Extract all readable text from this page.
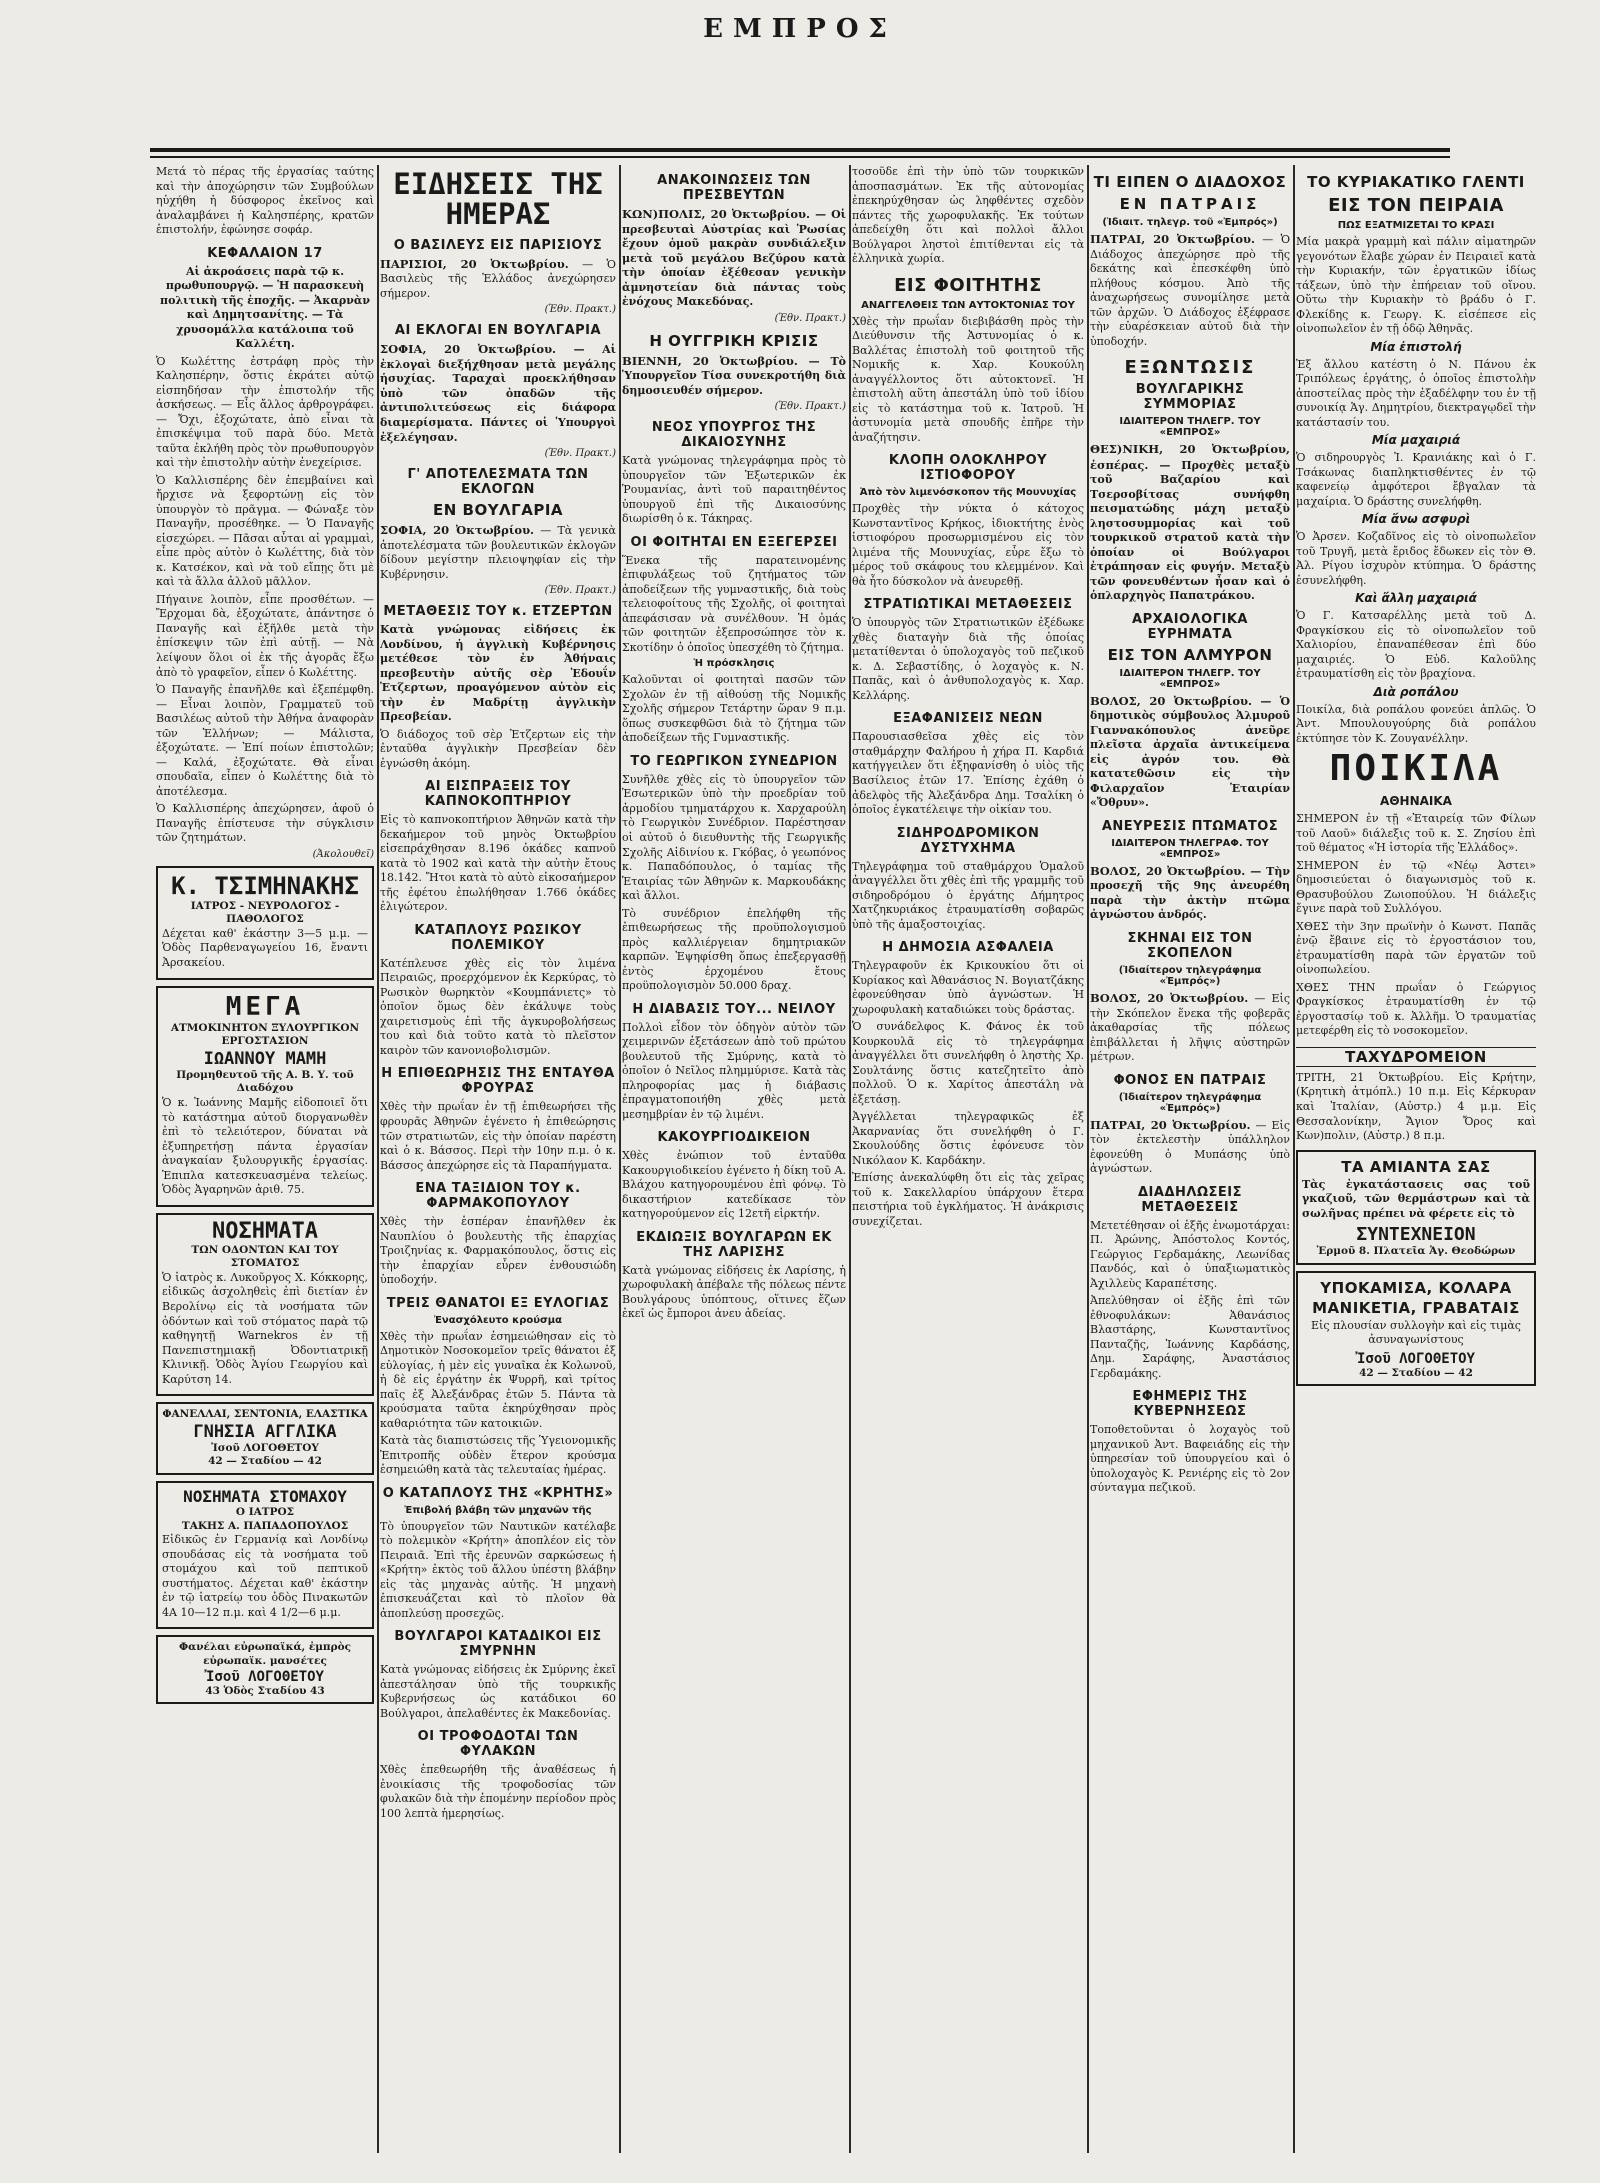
ΕΜΠΡΟΣ

Μετά τὸ πέρας τῆς ἐργασίας ταύτης καὶ τὴν ἀποχώρησιν τῶν Συμβούλων ηὐχήθη ἡ δύσφορος ἐκεῖνος καὶ ἀναλαμβάνει ἡ Καλησπέρης, κρατῶν ἐπιστολήν, ἐφώνησε σοφάρ.

ΚΕΦΑΛΑΙΟΝ 17

Αἱ ἀκροάσεις παρὰ τῷ κ. πρωθυπουργῷ. — Ἡ παρασκευὴ πολιτικὴ τῆς ἐποχῆς. — Ἀκαρνὰν καὶ Δημητσανίτης. — Τὰ χρυσομάλλα κατάλοιπα τοῦ Καλλέτη.

Ὁ Κωλέττης ἐστράφη πρὸς τὴν Καλησπέρην, ὅστις ἐκράτει αὐτῷ εἰσπηδήσαν τὴν ἐπιστολήν τῆς ἀσκήσεως. — Εἶς ἄλλος ἀρθρογράφει. — Ὄχι, ἐξοχώτατε, ἀπὸ εἶναι τὰ ἐπισκέψιμα τοῦ παρὰ δύο. Μετὰ ταῦτα ἐκλήθη πρὸς τὸν πρωθυπουργὸν καὶ τὴν ἐπιστολὴν αὐτὴν ἐνεχείρισε.

Ὁ Καλλισπέρης δὲν ἐπεμβαίνει καὶ ἤρχισε νὰ ξεφορτώνῃ εἰς τὸν ὑπουργὸν τὸ πρᾶγμα. — Φώναξε τὸν Παναγῆν, προσέθηκε. — Ὁ Παναγῆς εἰσεχώρει. — Πᾶσαι αὗται αἱ γραμμαὶ, εἶπε πρὸς αὐτὸν ὁ Κωλέττης, διὰ τὸν κ. Κατσέκον, καὶ νὰ τοῦ εἴπῃς ὅτι μὲ καὶ τὰ ἄλλα ἀλλοῦ μᾶλλον.

Πήγαινε λοιπὸν, εἶπε προσθέτων. — Ἔρχομαι δὰ, ἐξοχώτατε, ἀπάντησε ὁ Παναγῆς καὶ ἐξῆλθε μετὰ τὴν ἐπίσκεψιν τῶν ἐπὶ αὐτῇ. — Νὰ λείψουν ὅλοι οἱ ἐκ τῆς ἀγορᾶς ἔξω ἀπὸ τὸ γραφεῖον, εἶπεν ὁ Κωλέττης.

Ὁ Παναγῆς ἐπανῆλθε καὶ ἐξεπέμφθη. — Εἶναι λοιπὸν, Γραμματεῦ τοῦ Βασιλέως αὐτοῦ τὴν Ἀθήνα ἀναφορὰν τῶν Ἑλλήνων; — Μάλιστα, ἐξοχώτατε. — Ἐπί ποίων ἐπιστολῶν; — Καλά, ἐξοχώτατε. Θὰ εἶναι σπουδαῖα, εἶπεν ὁ Κωλέττης διὰ τὸ ἀποτέλεσμα.

Ὁ Καλλισπέρης ἀπεχώρησεν, ἀφοῦ ὁ Παναγῆς ἐπίστευσε τὴν σύγκλισιν τῶν ζητημάτων.

(Ἀκολουθεῖ)
Κ. ΤΣΙΜΗΝΑΚΗΣ
ΙΑΤΡΟΣ - ΝΕΥΡΟΛΟΓΟΣ - ΠΑΘΟΛΟΓΟΣ

Δέχεται καθ' ἑκάστην 3—5 μ.μ. — Ὁδὸς Παρθεναγωγείου 16, ἔναντι Ἀρσακείου.

ΜΕΓΑ
ΑΤΜΟΚΙΝΗΤΟΝ ΞΥΛΟΥΡΓΙΚΟΝ ΕΡΓΟΣΤΑΣΙΟΝ
ΙΩΑΝΝΟΥ ΜΑΜΗ
Προμηθευτοῦ τῆς Α. Β. Υ. τοῦ Διαδόχου

Ὁ κ. Ἰωάννης Μαμῆς εἰδοποιεῖ ὅτι τὸ κατάστημα αὐτοῦ διοργανωθὲν ἐπὶ τὸ τελειότερον, δύναται νὰ ἐξυπηρετήσῃ πάντα ἐργασίαν ἀναγκαίαν ξυλουργικῆς ἐργασίας. Ἐπιπλα κατεσκευασμένα τελείως. Ὁδὸς Ἀγαρηνῶν ἀριθ. 75.

ΝΟΣΗΜΑΤΑ
ΤΩΝ ΟΔΟΝΤΩΝ ΚΑΙ ΤΟΥ ΣΤΟΜΑΤΟΣ

Ὁ ἰατρὸς κ. Λυκοῦργος Χ. Κόκκορης, εἰδικῶς ἀσχοληθεὶς ἐπὶ διετίαν ἐν Βερολίνῳ εἰς τὰ νοσήματα τῶν ὀδόντων καὶ τοῦ στόματος παρὰ τῷ καθηγητῇ Warnekros ἐν τῇ Πανεπιστημιακῇ Ὀδοντιατρικῇ Κλινικῇ. Ὁδὸς Ἁγίου Γεωργίου καὶ Καρύτση 14.

ΦΑΝΕΛΛΑΙ, ΣΕΝΤΟΝΙΑ, ΕΛΑΣΤΙΚΑ
ΓΝΗΣΙΑ ΑΓΓΛΙΚΑ
Ἰσοῦ ΛΟΓΟΘΕΤΟΥ
42 — Σταδίου — 42
ΝΟΣΗΜΑΤΑ ΣΤΟΜΑΧΟΥ
Ο ΙΑΤΡΟΣ
ΤΑΚΗΣ Α. ΠΑΠΑΔΟΠΟΥΛΟΣ

Εἰδικῶς ἐν Γερμανίᾳ καὶ Λονδίνῳ σπουδάσας εἰς τὰ νοσήματα τοῦ στομάχου καὶ τοῦ πεπτικοῦ συστήματος. Δέχεται καθ' ἑκάστην ἐν τῷ ἰατρείῳ του ὁδὸς Πινακωτῶν 4Α 10—12 π.μ. καὶ 4 1/2—6 μ.μ.

Φανέλαι εὐρωπαϊκά, ἐμπρὸς εὐρωπαϊκ. μανσέτες
Ἰσοῦ ΛΟΓΟΘΕΤΟΥ
43 Ὁδὸς Σταδίου 43
ΕΙΔΗΣΕΙΣ ΤΗΣ ΗΜΕΡΑΣ
Ο ΒΑΣΙΛΕΥΣ ΕΙΣ ΠΑΡΙΣΙΟΥΣ

ΠΑΡΙΣΙΟΙ, 20 Ὀκτωβρίου. — Ὁ Βασιλεὺς τῆς Ἑλλάδος ἀνεχώρησεν σήμερον.

(Ἐθν. Πρακτ.)
ΑΙ ΕΚΛΟΓΑΙ ΕΝ ΒΟΥΛΓΑΡΙΑ

ΣΟΦΙΑ, 20 Ὀκτωβρίου. — Αἱ ἐκλογαὶ διεξήχθησαν μετὰ μεγάλης ἡσυχίας. Ταραχαὶ προεκλήθησαν ὑπὸ τῶν ὀπαδῶν τῆς ἀντιπολιτεύσεως εἰς διάφορα διαμερίσματα. Πάντες οἱ Ὑπουργοὶ ἐξελέγησαν.

(Ἐθν. Πρακτ.)
Γ' ΑΠΟΤΕΛΕΣΜΑΤΑ ΤΩΝ ΕΚΛΟΓΩΝ
ΕΝ ΒΟΥΛΓΑΡΙΑ

ΣΟΦΙΑ, 20 Ὀκτωβρίου. — Τὰ γενικὰ ἀποτελέσματα τῶν βουλευτικῶν ἐκλογῶν δίδουν μεγίστην πλειοψηφίαν εἰς τὴν Κυβέρνησιν.

(Ἐθν. Πρακτ.)
ΜΕΤΑΘΕΣΙΣ ΤΟΥ κ. ΕΤΖΕΡΤΩΝ

Κατὰ γνώμονας εἰδήσεις ἐκ Λονδίνου, ἡ ἀγγλικὴ Κυβέρνησις μετέθεσε τὸν ἐν Ἀθήναις πρεσβευτὴν αὐτῆς σὲρ Ἐδουΐν Ἐτζερτων, προαγόμενον αὐτὸν εἰς τὴν ἐν Μαδρίτῃ ἀγγλικὴν Πρεσβείαν.

Ὁ διάδοχος τοῦ σὲρ Ἐτζερτων εἰς τὴν ἐνταῦθα ἀγγλικὴν Πρεσβείαν δὲν ἐγνώσθη ἀκόμη.

ΑΙ ΕΙΣΠΡΑΞΕΙΣ ΤΟΥ ΚΑΠΝΟΚΟΠΤΗΡΙΟΥ

Εἰς τὸ καπνοκοπτήριον Ἀθηνῶν κατὰ τὴν δεκαήμερον τοῦ μηνὸς Ὀκτωβρίου εἰσεπράχθησαν 8.196 ὀκάδες καπνοῦ κατὰ τὸ 1902 καὶ κατὰ τὴν αὐτὴν ἔτους 18.142. Ἤτοι κατὰ τὸ αὐτὸ εἰκοσαήμερον τῆς ἐφέτου ἐπωλήθησαν 1.766 ὀκάδες ἐλιγώτερον.

ΚΑΤΑΠΛΟΥΣ ΡΩΣΙΚΟΥ ΠΟΛΕΜΙΚΟΥ

Κατέπλευσε χθὲς εἰς τὸν λιμένα Πειραιῶς, προερχόμενον ἐκ Κερκύρας, τὸ Ρωσικὸν θωρηκτὸν «Κουμπάνιετς» τὸ ὁποῖον ὅμως δὲν ἐκάλυψε τοὺς χαιρετισμοὺς ἐπὶ τῆς ἀγκυροβολήσεως του καὶ διὰ τοῦτο κατὰ τὸ πλεῖστον καιρὸν τῶν κανονιοβολισμῶν.

Η ΕΠΙΘΕΩΡΗΣΙΣ ΤΗΣ ΕΝΤΑΥΘΑ ΦΡΟΥΡΑΣ

Χθὲς τὴν πρωΐαν ἐν τῇ ἐπιθεωρήσει τῆς φρουρᾶς Ἀθηνῶν ἐγένετο ἡ ἐπιθεώρησις τῶν στρατιωτῶν, εἰς τὴν ὁποίαν παρέστη καὶ ὁ κ. Βάσσος. Περὶ τὴν 10ην π.μ. ὁ κ. Βάσσος ἀπεχώρησε εἰς τὰ Παραπήγματα.

ΕΝΑ ΤΑΞΙΔΙΟΝ ΤΟΥ κ. ΦΑΡΜΑΚΟΠΟΥΛΟΥ

Χθὲς τὴν ἑσπέραν ἐπανῆλθεν ἐκ Ναυπλίου ὁ βουλευτὴς τῆς ἐπαρχίας Τροιζηνίας κ. Φαρμακόπουλος, ὅστις εἰς τὴν ἐπαρχίαν εὗρεν ἐνθουσιώδη ὑποδοχήν.

ΤΡΕΙΣ ΘΑΝΑΤΟΙ ΕΞ ΕΥΛΟΓΙΑΣ
Ἐνασχόλευτο κρούσμα

Χθὲς τὴν πρωΐαν ἐσημειώθησαν εἰς τὸ Δημοτικὸν Νοσοκομεῖον τρεῖς θάνατοι ἐξ εὐλογίας, ἡ μὲν εἰς γυναῖκα ἐκ Κολωνοῦ, ἡ δὲ εἰς ἐργάτην ἐκ Ψυρρῆ, καὶ τρίτος παῖς ἐξ Ἀλεξάνδρας ἐτῶν 5. Πάντα τὰ κρούσματα ταῦτα ἐκηρύχθησαν πρὸς καθαριότητα τῶν κατοικιῶν.

Κατὰ τὰς διαπιστώσεις τῆς Ὑγειονομικῆς Ἐπιτροπῆς οὐδὲν ἕτερον κρούσμα ἐσημειώθη κατὰ τὰς τελευταίας ἡμέρας.

Ο ΚΑΤΑΠΛΟΥΣ ΤΗΣ «ΚΡΗΤΗΣ»
Ἐπιβολή βλάβη τῶν μηχανῶν τῆς

Τὸ ὑπουργεῖον τῶν Ναυτικῶν κατέλαβε τὸ πολεμικὸν «Κρήτη» ἀποπλέον εἰς τὸν Πειραιᾶ. Ἐπὶ τῆς ἐρευνῶν σαρκώσεως ἡ «Κρήτη» ἐκτὸς τοῦ ἄλλου ὑπέστη βλάβην εἰς τὰς μηχανὰς αὐτῆς. Ἡ μηχανὴ ἐπισκευάζεται καὶ τὸ πλοῖον θὰ ἀποπλεύσῃ προσεχῶς.

ΒΟΥΛΓΑΡΟΙ ΚΑΤΑΔΙΚΟΙ ΕΙΣ ΣΜΥΡΝΗΝ

Κατὰ γνώμονας εἰδήσεις ἐκ Σμύρνης ἐκεῖ ἀπεστάλησαν ὑπὸ τῆς τουρκικῆς Κυβερνήσεως ὡς κατάδικοι 60 Βούλγαροι, ἀπελαθέντες ἐκ Μακεδονίας.

ΟΙ ΤΡΟΦΟΔΟΤΑΙ ΤΩΝ ΦΥΛΑΚΩΝ

Χθὲς ἐπεθεωρήθη τῆς ἀναθέσεως ἡ ἐνοικίασις τῆς τροφοδοσίας τῶν φυλακῶν διὰ τὴν ἑπομένην περίοδον πρὸς 100 λεπτὰ ἡμερησίως.

ΑΝΑΚΟΙΝΩΣΕΙΣ ΤΩΝ ΠΡΕΣΒΕΥΤΩΝ

ΚΩΝ)ΠΟΛΙΣ, 20 Ὀκτωβρίου. — Οἱ πρεσβευταὶ Αὐστρίας καὶ Ῥωσίας ἔχουν ὁμοῦ μακρὰν συνδιάλεξιν μετὰ τοῦ μεγάλου Βεζύρου κατὰ τὴν ὁποίαν ἐξέθεσαν γενικὴν ἀμνηστείαν διὰ πάντας τοὺς ἐνόχους Μακεδόνας.

(Ἐθν. Πρακτ.)
Η ΟΥΓΓΡΙΚΗ ΚΡΙΣΙΣ

ΒΙΕΝΝΗ, 20 Ὀκτωβρίου. — Τὸ Ὑπουργεῖον Τίσα συνεκροτήθη διὰ δημοσιευθέν σήμερον.

(Ἐθν. Πρακτ.)
ΝΕΟΣ ΥΠΟΥΡΓΟΣ ΤΗΣ ΔΙΚΑΙΟΣΥΝΗΣ

Κατὰ γνώμονας τηλεγράφημα πρὸς τὸ ὑπουργεῖον τῶν Ἐξωτερικῶν ἐκ Ῥουμανίας, ἀντὶ τοῦ παραιτηθέντος ὑπουργοῦ ἐπὶ τῆς Δικαιοσύνης διωρίσθη ὁ κ. Τάκηρας.

ΟΙ ΦΟΙΤΗΤΑΙ ΕΝ ΕΞΕΓΕΡΣΕΙ

Ἕνεκα τῆς παρατεινομένης ἐπιφυλάξεως τοῦ ζητήματος τῶν ἀποδείξεων τῆς γυμναστικῆς, διὰ τοὺς τελειοφοίτους τῆς Σχολῆς, οἱ φοιτηταὶ ἀπεφάσισαν νὰ συνέλθουν. Ἡ ὁμάς τῶν φοιτητῶν ἐξεπροσώπησε τὸν κ. Σκοτίδην ὁ ὁποῖος ὑπεσχέθη τὸ ζήτημα.

Ἡ πρόσκλησις

Καλοῦνται οἱ φοιτηταὶ πασῶν τῶν Σχολῶν ἐν τῇ αἰθούσῃ τῆς Νομικῆς Σχολῆς σήμερον Τετάρτην ὥραν 9 π.μ. ὅπως συσκεφθῶσι διὰ τὸ ζήτημα τῶν ἀποδείξεων τῆς Γυμναστικῆς.

ΤΟ ΓΕΩΡΓΙΚΟΝ ΣΥΝΕΔΡΙΟΝ

Συνῆλθε χθὲς εἰς τὸ ὑπουργεῖον τῶν Ἐσωτερικῶν ὑπὸ τὴν προεδρίαν τοῦ ἁρμοδίου τμηματάρχου κ. Χαρχαρούλη τὸ Γεωργικὸν Συνέδριον. Παρέστησαν οἱ αὐτοῦ ὁ διευθυντὴς τῆς Γεωργικῆς Σχολῆς Αἰδινίου κ. Γκόβας, ὁ γεωπόνος κ. Παπαδόπουλος, ὁ ταμίας τῆς Ἑταιρίας τῶν Ἀθηνῶν κ. Μαρκουδάκης καὶ ἄλλοι.

Τὸ συνέδριον ἐπελήφθη τῆς ἐπιθεωρήσεως τῆς προϋπολογισμοῦ πρὸς καλλιέργειαν δημητριακῶν καρπῶν. Ἐψηφίσθη ὅπως ἐπεξεργασθῇ ἐντὸς ἐρχομένου ἔτους προϋπολογισμὸν 50.000 δραχ.

Η ΔΙΑΒΑΣΙΣ ΤΟΥ... ΝΕΙΛΟΥ

Πολλοὶ εἶδον τὸν ὁδηγὸν αὐτὸν τῶν χειμερινῶν ἐξετάσεων ἀπὸ τοῦ πρώτου βουλευτοῦ τῆς Σμύρνης, κατὰ τὸ ὁποῖον ὁ Νεῖλος πλημμύρισε. Κατὰ τὰς πληροφορίας μας ἡ διάβασις ἐπραγματοποιήθη χθὲς μετὰ μεσημβρίαν ἐν τῷ λιμένι.

ΚΑΚΟΥΡΓΙΟΔΙΚΕΙΟΝ

Χθὲς ἐνώπιον τοῦ ἐνταῦθα Κακουργιοδικείου ἐγένετο ἡ δίκη τοῦ Α. Βλάχου κατηγορουμένου ἐπὶ φόνῳ. Τὸ δικαστήριον κατεδίκασε τὸν κατηγορούμενον εἰς 12ετῆ εἰρκτήν.

ΕΚΔΙΩΞΙΣ ΒΟΥΛΓΑΡΩΝ ΕΚ ΤΗΣ ΛΑΡΙΣΗΣ

Κατὰ γνώμονας εἰδήσεις ἐκ Λαρίσης, ἡ χωροφυλακὴ ἀπέβαλε τῆς πόλεως πέντε Βουλγάρους ὑπόπτους, οἵτινες ἔζων ἐκεῖ ὡς ἔμποροι ἀνευ ἀδείας.

τοσοῦδε ἐπὶ τὴν ὑπὸ τῶν τουρκικῶν ἀποσπασμάτων. Ἐκ τῆς αὐτονομίας ἐπεκηρύχθησαν ὡς ληφθέντες σχεδὸν πάντες τῆς χωροφυλακῆς. Ἐκ τούτων ἀπεδείχθη ὅτι καὶ πολλοὶ ἄλλοι Βούλγαροι ληστοὶ ἐπιτίθενται εἰς τὰ ἑλληνικὰ χωρία.

ΕΙΣ ΦΟΙΤΗΤΗΣ
ΑΝΑΓΓΕΛΘΕΙΣ ΤΩΝ ΑΥΤΟΚΤΟΝΙΑΣ ΤΟΥ

Χθὲς τὴν πρωΐαν διεβιβάσθη πρὸς τὴν Διεύθυνσιν τῆς Ἀστυνομίας ὁ κ. Βαλλέτας ἐπιστολὴ τοῦ φοιτητοῦ τῆς Νομικῆς κ. Χαρ. Κουκούλη ἀναγγέλλοντος ὅτι αὐτοκτονεῖ. Ἡ ἐπιστολὴ αὕτη ἀπεστάλη ὑπὸ τοῦ ἰδίου εἰς τὸ κατάστημα τοῦ κ. Ἰατροῦ. Ἡ ἀστυνομία μετὰ σπουδῆς ἐπῆρε τὴν ἀναζήτησιν.

ΚΛΟΠΗ ΟΛΟΚΛΗΡΟΥ ΙΣΤΙΟΦΟΡΟΥ
Ἀπὸ τὸν λιμενόσκοπον τῆς Μουνυχίας

Προχθὲς τὴν νύκτα ὁ κάτοχος Κωνσταντῖνος Κρήκος, ἰδιοκτήτης ἑνὸς ἱστιοφόρου προσωρμισμένου εἰς τὸν λιμένα τῆς Μουνυχίας, εὗρε ἔξω τὸ μέρος τοῦ σκάφους του κλεμμένον. Καὶ θὰ ἦτο δύσκολον νὰ ἀνευρεθῇ.

ΣΤΡΑΤΙΩΤΙΚΑΙ ΜΕΤΑΘΕΣΕΙΣ

Ὁ ὑπουργὸς τῶν Στρατιωτικῶν ἐξέδωκε χθὲς διαταγὴν διὰ τῆς ὁποίας μετατίθενται ὁ ὑπολοχαγὸς τοῦ πεζικοῦ κ. Δ. Σεβαστίδης, ὁ λοχαγὸς κ. Ν. Παπᾶς, καὶ ὁ ἀνθυπολοχαγὸς κ. Χαρ. Κελλάρης.

ΕΞΑΦΑΝΙΣΕΙΣ ΝΕΩΝ

Παρουσιασθεῖσα χθὲς εἰς τὸν σταθμάρχην Φαλήρου ἡ χήρα Π. Καρδιά κατήγγειλεν ὅτι ἐξηφανίσθη ὁ υἱὸς τῆς Βασίλειος ἐτῶν 17. Ἐπίσης ἐχάθη ὁ ἀδελφὸς τῆς Ἀλεξάνδρα Δημ. Τσαλίκη ὁ ὁποῖος ἐγκατέλειψε τὴν οἰκίαν του.

ΣΙΔΗΡΟΔΡΟΜΙΚΟΝ ΔΥΣΤΥΧΗΜΑ

Τηλεγράφημα τοῦ σταθμάρχου Ὁμαλοῦ ἀναγγέλλει ὅτι χθὲς ἐπὶ τῆς γραμμῆς τοῦ σιδηροδρόμου ὁ ἐργάτης Δήμητρος Χατζηκυριάκος ἐτραυματίσθη σοβαρῶς ὑπὸ τῆς ἁμαξοστοιχίας.

Η ΔΗΜΟΣΙΑ ΑΣΦΑΛΕΙΑ

Τηλεγραφοῦν ἐκ Κρικουκίου ὅτι οἱ Κυρίακος καὶ Ἀθανάσιος Ν. Βογιατζάκης ἐφονεύθησαν ὑπὸ ἀγνώστων. Ἡ χωροφυλακὴ καταδιώκει τοὺς δράστας.

Ὁ συνάδελφος Κ. Φάνος ἐκ τοῦ Κουρκουλᾶ εἰς τὸ τηλεγράφημα ἀναγγέλλει ὅτι συνελήφθη ὁ ληστὴς Χρ. Σουλτάνης ὅστις κατεζητεῖτο ἀπὸ πολλοῦ. Ὁ κ. Χαρίτος ἀπεστάλη νὰ ἐξετάσῃ.

Ἀγγέλλεται τηλεγραφικῶς ἐξ Ἀκαρνανίας ὅτι συνελήφθη ὁ Γ. Σκουλούδης ὅστις ἐφόνευσε τὸν Νικόλαον Κ. Καρδάκην.

Ἐπίσης ἀνεκαλύφθη ὅτι εἰς τὰς χεῖρας τοῦ κ. Σακελλαρίου ὑπάρχουν ἕτερα πειστήρια τοῦ ἐγκλήματος. Ἡ ἀνάκρισις συνεχίζεται.

ΤΙ ΕΙΠΕΝ Ο ΔΙΑΔΟΧΟΣ
ΕΝ ΠΑΤΡΑΙΣ
(Ἰδιαιτ. τηλεγρ. τοῦ «Ἐμπρός»)

ΠΑΤΡΑΙ, 20 Ὀκτωβρίου. — Ὁ Διάδοχος ἀπεχώρησε πρὸ τῆς δεκάτης καὶ ἐπεσκέφθη ὑπὸ πλήθους κόσμου. Ἀπὸ τῆς ἀναχωρήσεως συνομίλησε μετὰ τῶν ἀρχῶν. Ὁ Διάδοχος ἐξέφρασε τὴν εὐαρέσκειαν αὐτοῦ διὰ τὴν ὑποδοχήν.

ΕΞΩΝΤΩΣΙΣ
ΒΟΥΛΓΑΡΙΚΗΣ ΣΥΜΜΟΡΙΑΣ
ΙΔΙΑΙΤΕΡΟΝ ΤΗΛΕΓΡ. ΤΟΥ «ΕΜΠΡΟΣ»

ΘΕΣ)ΝΙΚΗ, 20 Ὀκτωβρίου, ἑσπέρας. — Προχθὲς μεταξὺ τοῦ Βαζαρίου καὶ Τσερσοβίτσας συνήφθη πεισματώδης μάχη μεταξὺ ληστοσυμμορίας καὶ τοῦ τουρκικοῦ στρατοῦ κατὰ τὴν ὁποίαν οἱ Βούλγαροι ἐτράπησαν εἰς φυγήν. Μεταξὺ τῶν φονευθέντων ἦσαν καὶ ὁ ὁπλαρχηγὸς Παπατράκου.

ΑΡΧΑΙΟΛΟΓΙΚΑ ΕΥΡΗΜΑΤΑ
ΕΙΣ ΤΟΝ ΑΛΜΥΡΟΝ
ΙΔΙΑΙΤΕΡΟΝ ΤΗΛΕΓΡ. ΤΟΥ «ΕΜΠΡΟΣ»

ΒΟΛΟΣ, 20 Ὀκτωβρίου. — Ὁ δημοτικὸς σύμβουλος Ἀλμυροῦ Γιαννακόπουλος ἀνεῦρε πλεῖστα ἀρχαῖα ἀντικείμενα εἰς ἀγρόν του. Θὰ κατατεθῶσιν εἰς τὴν Φιλαρχαῖον Ἑταιρίαν «Ὄθρυν».

ΑΝΕΥΡΕΣΙΣ ΠΤΩΜΑΤΟΣ
ΙΔΙΑΙΤΕΡΟΝ ΤΗΛΕΓΡΑΦ. ΤΟΥ «ΕΜΠΡΟΣ»

ΒΟΛΟΣ, 20 Ὀκτωβρίου. — Τὴν προσεχῆ τῆς 9ης ἀνευρέθη παρὰ τὴν ἀκτὴν πτῶμα ἀγνώστου ἀνδρός.

ΣΚΗΝΑΙ ΕΙΣ ΤΟΝ ΣΚΟΠΕΛΟΝ
(Ἰδιαίτερον τηλεγράφημα «Ἐμπρός»)

ΒΟΛΟΣ, 20 Ὀκτωβρίου. — Εἰς τὴν Σκόπελον ἕνεκα τῆς φοβερᾶς ἀκαθαρσίας τῆς πόλεως ἐπιβάλλεται ἡ λῆψις αὐστηρῶν μέτρων.

ΦΟΝΟΣ ΕΝ ΠΑΤΡΑΙΣ
(Ἰδιαίτερον τηλεγράφημα «Ἐμπρός»)

ΠΑΤΡΑΙ, 20 Ὀκτωβρίου. — Εἰς τὸν ἐκτελεστὴν ὑπάλληλον ἐφονεύθη ὁ Μυπάσης ὑπὸ ἀγνώστων.

ΔΙΑΔΗΛΩΣΕΙΣ ΜΕΤΑΘΕΣΕΙΣ

Μετετέθησαν οἱ ἑξῆς ἐνωμοτάρχαι: Π. Ἀρώνης, Ἀπόστολος Κοντός, Γεώργιος Γερδαμάκης, Λεωνίδας Πανδός, καὶ ὁ ὑπαξιωματικὸς Ἀχιλλεὺς Καραπέτσης.

Ἀπελύθησαν οἱ ἑξῆς ἐπὶ τῶν ἐθνοφυλάκων: Ἀθανάσιος Βλαστάρης, Κωνσταντῖνος Πανταζῆς, Ἰωάννης Καρδάσης, Δημ. Σαράφης, Ἀναστάσιος Γερδαμάκης.

ΕΦΗΜΕΡΙΣ ΤΗΣ ΚΥΒΕΡΝΗΣΕΩΣ

Τοποθετοῦνται ὁ λοχαγὸς τοῦ μηχανικοῦ Ἀντ. Βαφειάδης εἰς τὴν ὑπηρεσίαν τοῦ ὑπουργείου καὶ ὁ ὑπολοχαγὸς Κ. Ρενιέρης εἰς τὸ 2ον σύνταγμα πεζικοῦ.

ΤΟ ΚΥΡΙΑΚΑΤΙΚΟ ΓΛΕΝΤΙ
ΕΙΣ ΤΟΝ ΠΕΙΡΑΙΑ
ΠΩΣ ΕΞΑΤΜΙΖΕΤΑΙ ΤΟ ΚΡΑΣΙ

Μία μακρὰ γραμμὴ καὶ πάλιν αἱματηρῶν γεγονότων ἔλαβε χώραν ἐν Πειραιεῖ κατὰ τὴν Κυριακήν, τῶν ἐργατικῶν ἰδίως τάξεων, ὑπὸ τὴν ἐπήρειαν τοῦ οἴνου. Οὕτω τὴν Κυριακὴν τὸ βράδυ ὁ Γ. Φλεκίδης κ. Γεωργ. Κ. εἰσέπεσε εἰς οἰνοπωλεῖον ἐν τῇ ὁδῷ Ἀθηνᾶς.

Μία ἐπιστολή

Ἐξ ἄλλου κατέστη ὁ Ν. Πάνου ἐκ Τριπόλεως ἐργάτης, ὁ ὁποῖος ἐπιστολὴν ἀποστείλας πρὸς τὴν ἐξαδέλφην του ἐν τῇ συνοικίᾳ Ἁγ. Δημητρίου, διεκτραγῳδεῖ τὴν κατάστασίν του.

Μία μαχαιριά

Ὁ σιδηρουργὸς Ἰ. Κρανιάκης καὶ ὁ Γ. Τσάκωνας διαπληκτισθέντες ἐν τῷ καφενείῳ ἀμφότεροι ἔβγαλαν τὰ μαχαίρια. Ὁ δράστης συνελήφθη.

Μία ἄνω ασφυρὶ

Ὁ Ἀρσεν. Κοζαδῖνος εἰς τὸ οἰνοπωλεῖον τοῦ Τρυγῆ, μετὰ ἔριδος ἔδωκεν εἰς τὸν Θ. Ἀλ. Ρίγου ἰσχυρὸν κτύπημα. Ὁ δράστης ἐσυνελήφθη.

Καὶ ἄλλη μαχαιριά

Ὁ Γ. Κατσαρέλλης μετὰ τοῦ Δ. Φραγκίσκου εἰς τὸ οἰνοπωλεῖον τοῦ Χαλιορίου, ἐπαναπέθεσαν ἐπὶ δύο μαχαιριές. Ὁ Εὐδ. Καλοῦλης ἐτραυματίσθη εἰς τὸν βραχίονα.

Διὰ ροπάλου

Ποικίλα, διὰ ροπάλου φονεύει ἀπλῶς. Ὁ Ἀντ. Μπουλουγούρης διὰ ροπάλου ἐκτύπησε τὸν Κ. Ζουγανέλλην.

ΠΟΙΚΙΛΑ
ΑΘΗΝΑΙΚΑ

ΣΗΜΕΡΟΝ ἐν τῇ «Ἑταιρείᾳ τῶν Φίλων τοῦ Λαοῦ» διάλεξις τοῦ κ. Σ. Ζησίου ἐπὶ τοῦ θέματος «Ἡ ἱστορία τῆς Ἑλλάδος».

ΣΗΜΕΡΟΝ ἐν τῷ «Νέῳ Ἀστει» δημοσιεύεται ὁ διαγωνισμὸς τοῦ κ. Θρασυβούλου Ζωιοπούλου. Ἡ διάλεξις ἔγινε παρὰ τοῦ Συλλόγου.

ΧΘΕΣ τὴν 3ην πρωϊνὴν ὁ Κωνστ. Παπᾶς ἐνῷ ἔβαινε εἰς τὸ ἐργοστάσιον του, ἐτραυματίσθη παρὰ τῶν ἐργατῶν τοῦ οἰνοπωλείου.

ΧΘΕΣ ΤΗΝ πρωΐαν ὁ Γεώργιος Φραγκίσκος ἐτραυματίσθη ἐν τῷ ἐργοστασίῳ τοῦ κ. Ἀλλῆμ. Ὁ τραυματίας μετεφέρθη εἰς τὸ νοσοκομεῖον.

ΤΑΧΥΔΡΟΜΕΙΟΝ

ΤΡΙΤΗ, 21 Ὀκτωβρίου. Εἰς Κρήτην, (Κρητικὴ ἀτμόπλ.) 10 π.μ. Εἰς Κέρκυραν καὶ Ἰταλίαν, (Αὐστρ.) 4 μ.μ. Εἰς Θεσσαλονίκην, Ἄγιον Ὄρος καὶ Κων)πολιν, (Αὐστρ.) 8 π.μ.

ΤΑ ΑΜΙΑΝΤΑ ΣΑΣ

Τὰς ἐγκατάστασεις σας τοῦ γκαζιοῦ, τῶν θερμάστρων καὶ τὰ σωλῆνας πρέπει νὰ φέρετε εἰς τὸ

ΣΥΝΤΕΧΝΕΙΟΝ
Ἐρμοῦ 8. Πλατεῖα Ἁγ. Θεοδώρων
ΥΠΟΚΑΜΙΣΑ, ΚΟΛΑΡΑ
ΜΑΝΙΚΕΤΙΑ, ΓΡΑΒΑΤΑΙΣ

Εἰς πλουσίαν συλλογὴν καὶ εἰς τιμὰς ἀσυναγωνίστους

Ἰσοῦ ΛΟΓΟΘΕΤΟΥ
42 — Σταδίου — 42
